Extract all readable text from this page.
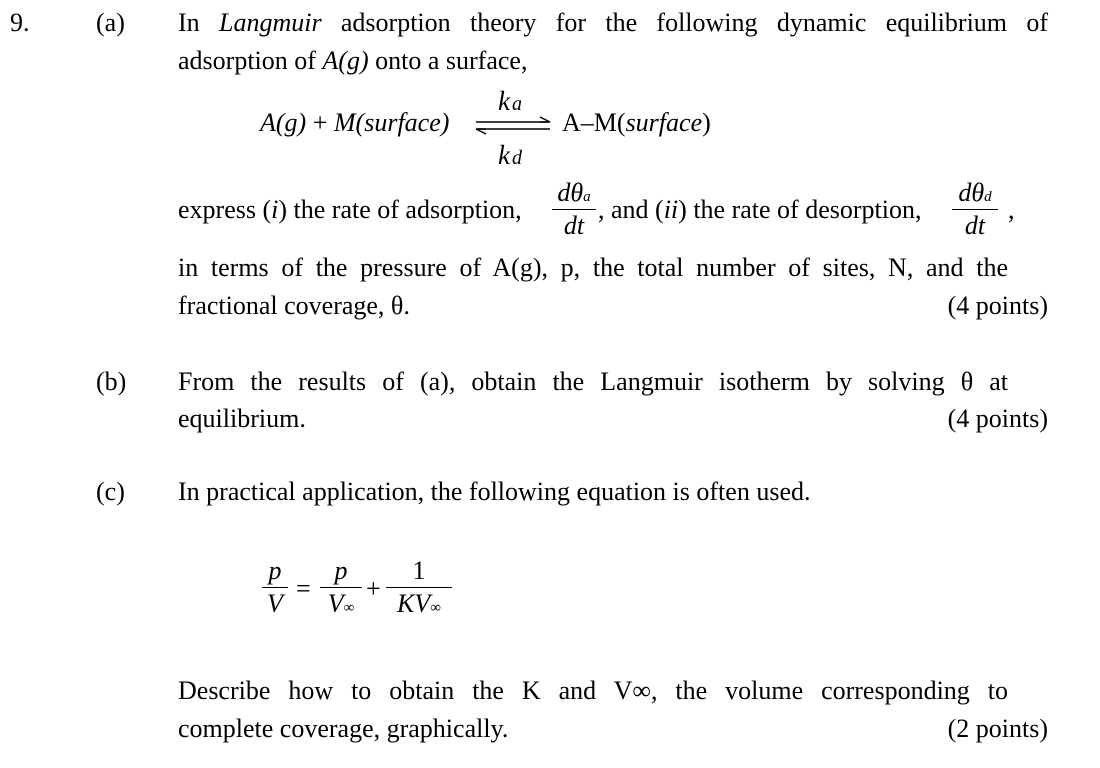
9.	(a) In Langmuir adsorption theory for the following dynamic equilibrium of
adsorption of A(g) onto a surface,
A(g) + M(surface)
ka
kd
A–M(surface)
express (i) the rate of adsorption,
dθa
dt
, and (ii) the rate of desorption,
dθd
dt
,
in terms of the pressure of A(g), p, the total number of sites, N, and the
fractional coverage, θ.	(4 points)
(b) From the results of (a), obtain the Langmuir isotherm by solving θ at
equilibrium.	(4 points)
(c) In practical application, the following equation is often used.
p
V
=
p
V∞
+
1
KV∞
Describe how to obtain the K and V∞, the volume corresponding to
complete coverage, graphically.	(2 points)
